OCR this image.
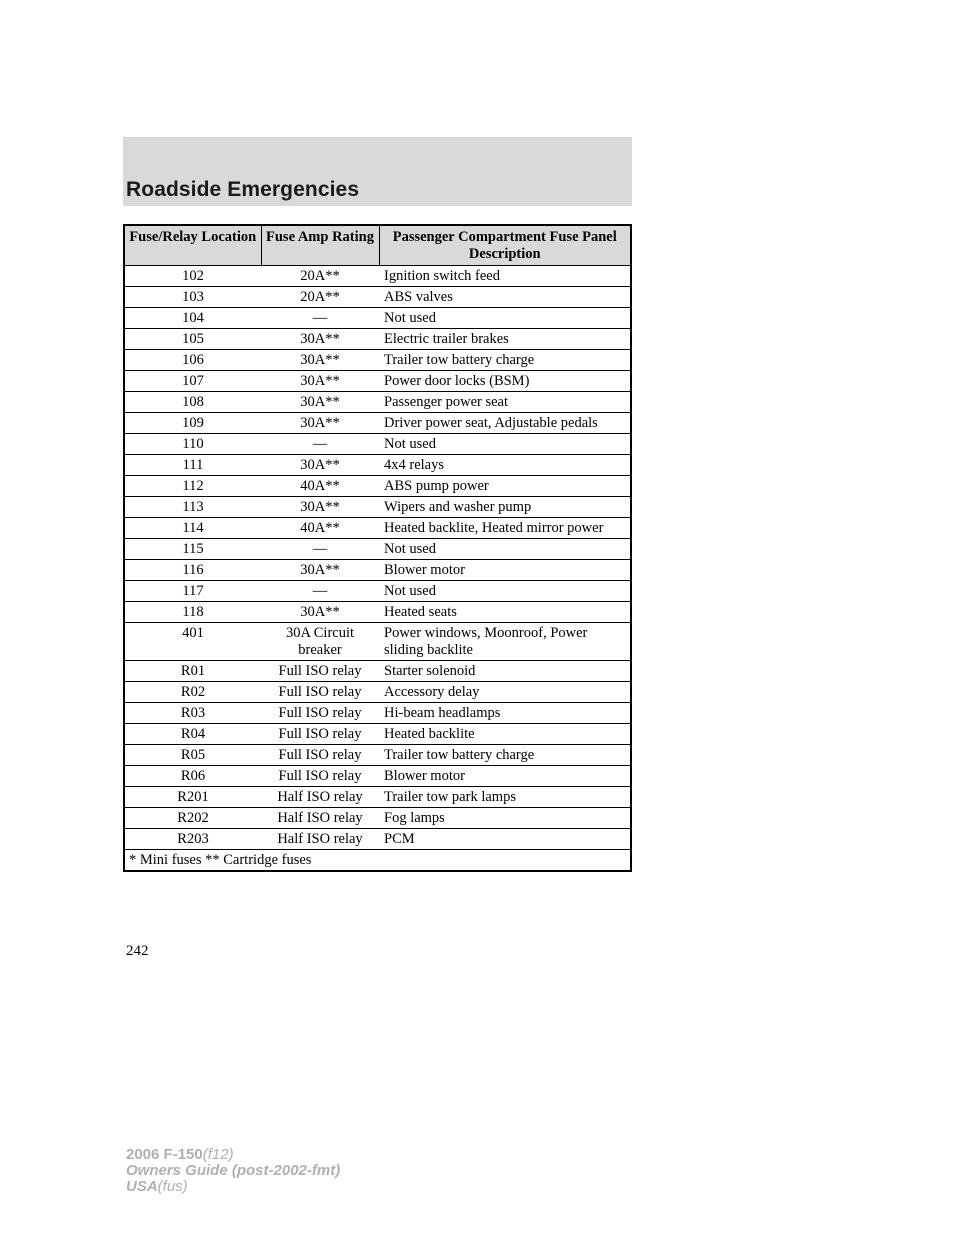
Roadside Emergencies
Fuse/Relay Location	Fuse Amp Rating	Passenger Compartment Fuse Panel Description
102	20A**	Ignition switch feed
103	20A**	ABS valves
104	—	Not used
105	30A**	Electric trailer brakes
106	30A**	Trailer tow battery charge
107	30A**	Power door locks (BSM)
108	30A**	Passenger power seat
109	30A**	Driver power seat, Adjustable pedals
110	—	Not used
111	30A**	4x4 relays
112	40A**	ABS pump power
113	30A**	Wipers and washer pump
114	40A**	Heated backlite, Heated mirror power
115	—	Not used
116	30A**	Blower motor
117	—	Not used
118	30A**	Heated seats
401	30A Circuit breaker	Power windows, Moonroof, Power sliding backlite
R01	Full ISO relay	Starter solenoid
R02	Full ISO relay	Accessory delay
R03	Full ISO relay	Hi-beam headlamps
R04	Full ISO relay	Heated backlite
R05	Full ISO relay	Trailer tow battery charge
R06	Full ISO relay	Blower motor
R201	Half ISO relay	Trailer tow park lamps
R202	Half ISO relay	Fog lamps
R203	Half ISO relay	PCM
* Mini fuses ** Cartridge fuses		
242
2006 F-150(f12)
Owners Guide (post-2002-fmt)
USA(fus)
